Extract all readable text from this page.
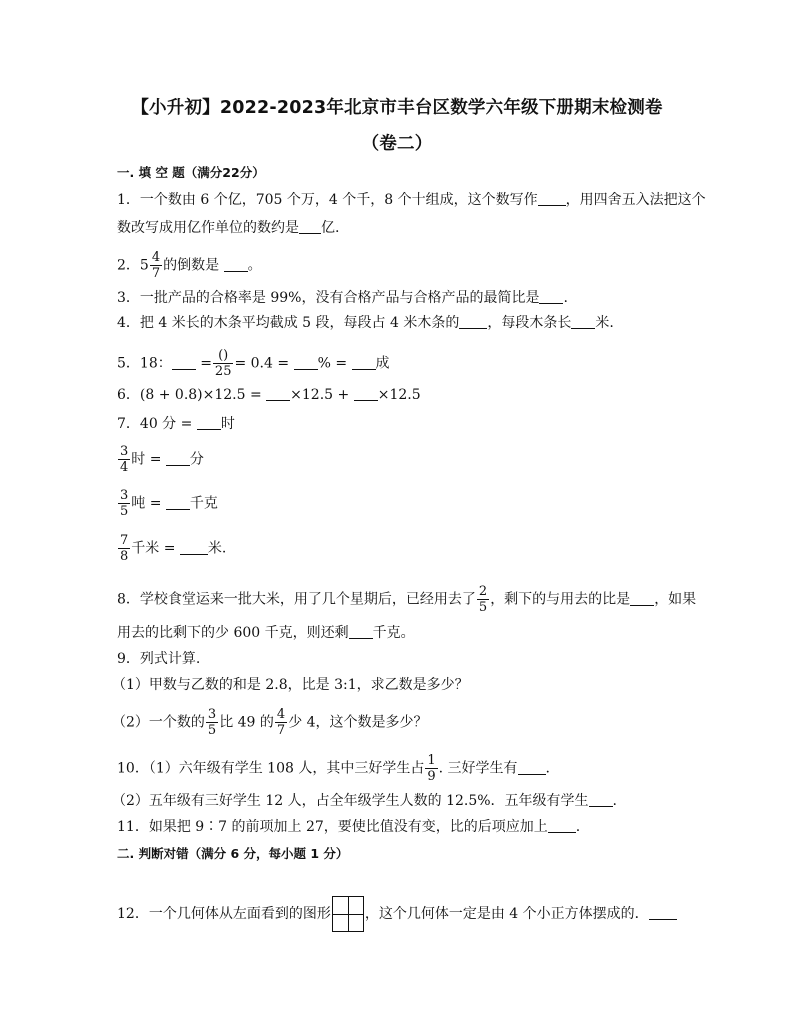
【小升初】2022-2023年北京市丰台区数学六年级下册期末检测卷
（卷二）
一. 填 空 题（满分22分）
1．一个数由 6 个亿，705 个万，4 个千，8 个十组成，这个数写作 ，用四舍五入法把这个
数改写成用亿作单位的数约是 亿.
2．$5 \frac{4}{7}$ 的倒数是 。
3．一批产品的合格率是 99%，没有合格产品与合格产品的最简比是 .
4．把 4 米长的木条平均截成 5 段，每段占 4 米木条的 ，每段木条长 米.
5．18： = $\frac{()}{25} = 0.4$ = % = 成
6．(8 + 0.8)×12.5 = ×12.5 + ×12.5
7．40 分 = 时
$\frac{3}{4}$ 时 = 分
$\frac{3}{5}$ 吨 = 千克
$\frac{7}{8}$ 千米 = 米.
8．学校食堂运来一批大米，用了几个星期后，已经用去了 $\frac{2}{5}$ ，剩下的与用去的比是 ，如果
用去的比剩下的少 600 千克，则还剩 千克。
9．列式计算.
（1）甲数与乙数的和是 2.8，比是 3:1，求乙数是多少？
（2）一个数的 $\frac{3}{5}$ 比 49 的 $\frac{4}{7}$ 少 4，这个数是多少？
10．（1）六年级有学生 108 人，其中三好学生占 $\frac{1}{9}$ . 三好学生有 .
（2）五年级有三好学生 12 人，占全年级学生人数的 12.5%．五年级有学生 .
11．如果把 9∶7 的前项加上 27，要使比值没有变，比的后项应加上 .
二. 判断对错（满分 6 分，每小题 1 分）
12．一个几何体从左面看到的图形 ，这个几何体一定是由 4 个小正方体摆成的．
